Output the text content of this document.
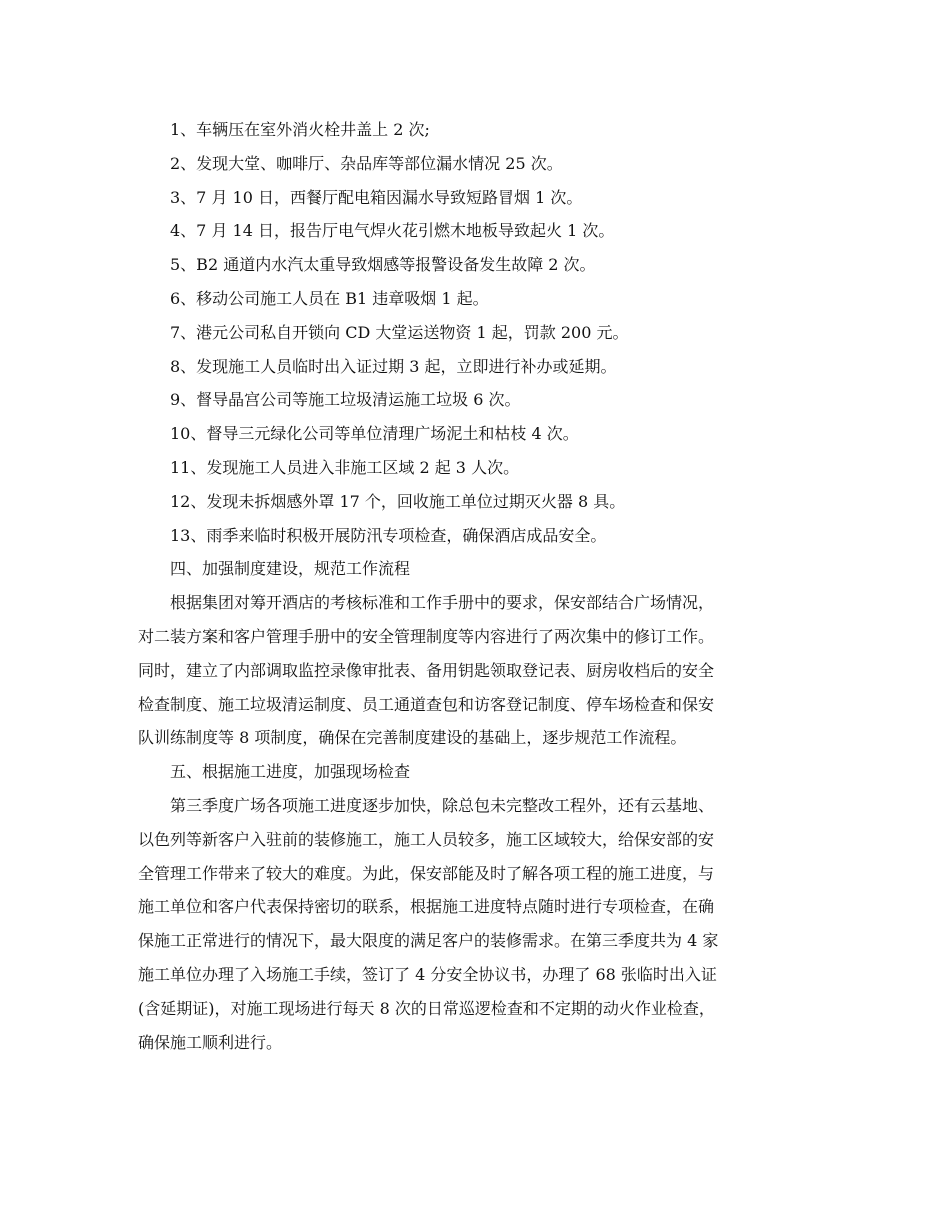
1、车辆压在室外消火栓井盖上 2 次;
2、发现大堂、咖啡厅、杂品库等部位漏水情况 25 次。
3、7 月 10 日，西餐厅配电箱因漏水导致短路冒烟 1 次。
4、7 月 14 日，报告厅电气焊火花引燃木地板导致起火 1 次。
5、B2 通道内水汽太重导致烟感等报警设备发生故障 2 次。
6、移动公司施工人员在 B1 违章吸烟 1 起。
7、港元公司私自开锁向 CD 大堂运送物资 1 起，罚款 200 元。
8、发现施工人员临时出入证过期 3 起，立即进行补办或延期。
9、督导晶宫公司等施工垃圾清运施工垃圾 6 次。
10、督导三元绿化公司等单位清理广场泥土和枯枝 4 次。
11、发现施工人员进入非施工区域 2 起 3 人次。
12、发现未拆烟感外罩 17 个，回收施工单位过期灭火器 8 具。
13、雨季来临时积极开展防汛专项检查，确保酒店成品安全。
四、加强制度建设，规范工作流程
根据集团对筹开酒店的考核标准和工作手册中的要求，保安部结合广场情况，
对二装方案和客户管理手册中的安全管理制度等内容进行了两次集中的修订工作。
同时，建立了内部调取监控录像审批表、备用钥匙领取登记表、厨房收档后的安全
检查制度、施工垃圾清运制度、员工通道查包和访客登记制度、停车场检查和保安
队训练制度等 8 项制度，确保在完善制度建设的基础上，逐步规范工作流程。
五、根据施工进度，加强现场检查
第三季度广场各项施工进度逐步加快，除总包未完整改工程外，还有云基地、
以色列等新客户入驻前的装修施工，施工人员较多，施工区域较大，给保安部的安
全管理工作带来了较大的难度。为此，保安部能及时了解各项工程的施工进度，与
施工单位和客户代表保持密切的联系，根据施工进度特点随时进行专项检查，在确
保施工正常进行的情况下，最大限度的满足客户的装修需求。在第三季度共为 4 家
施工单位办理了入场施工手续，签订了 4 分安全协议书，办理了 68 张临时出入证
(含延期证)，对施工现场进行每天 8 次的日常巡逻检查和不定期的动火作业检查，
确保施工顺利进行。
